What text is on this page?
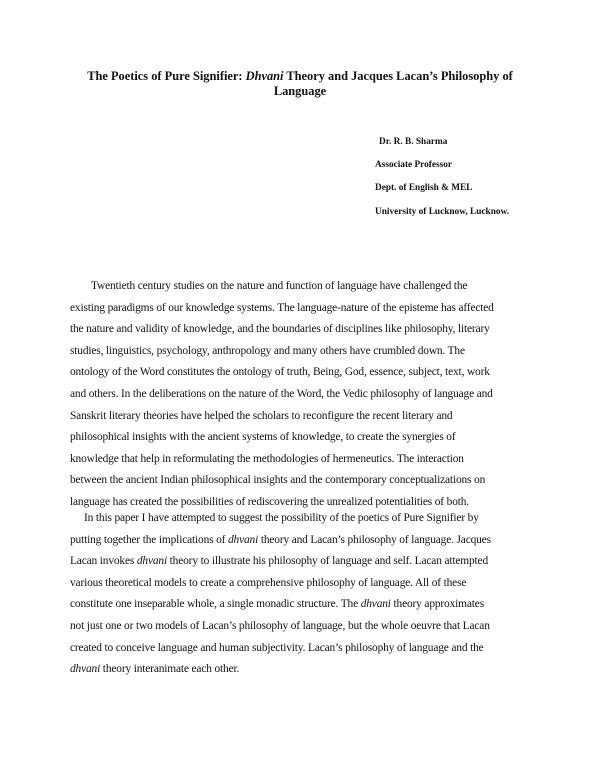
The Poetics of Pure Signifier: Dhvani Theory and Jacques Lacan’s Philosophy of
Language
Dr. R. B. Sharma
Associate Professor
Dept. of English & MEL
University of Lucknow, Lucknow.
Twentieth century studies on the nature and function of language have challenged the
existing paradigms of our knowledge systems. The language-nature of the episteme has affected
the nature and validity of knowledge, and the boundaries of disciplines like philosophy, literary
studies, linguistics, psychology, anthropology and many others have crumbled down. The
ontology of the Word constitutes the ontology of truth, Being, God, essence, subject, text, work
and others. In the deliberations on the nature of the Word, the Vedic philosophy of language and
Sanskrit literary theories have helped the scholars to reconfigure the recent literary and
philosophical insights with the ancient systems of knowledge, to create the synergies of
knowledge that help in reformulating the methodologies of hermeneutics. The interaction
between the ancient Indian philosophical insights and the contemporary conceptualizations on
language has created the possibilities of rediscovering the unrealized potentialities of both.
In this paper I have attempted to suggest the possibility of the poetics of Pure Signifier by
putting together the implications of dhvani theory and Lacan’s philosophy of language. Jacques
Lacan invokes dhvani theory to illustrate his philosophy of language and self. Lacan attempted
various theoretical models to create a comprehensive philosophy of language. All of these
constitute one inseparable whole, a single monadic structure. The dhvani theory approximates
not just one or two models of Lacan’s philosophy of language, but the whole oeuvre that Lacan
created to conceive language and human subjectivity. Lacan’s philosophy of language and the
dhvani theory interanimate each other.
